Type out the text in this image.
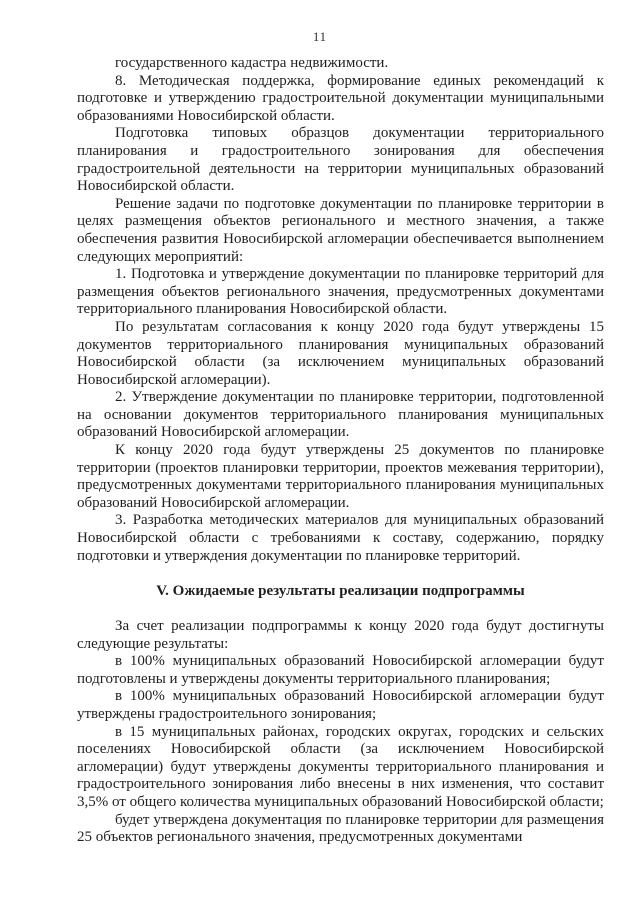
11

государственного кадастра недвижимости.

8. Методическая поддержка, формирование единых рекомендаций к подготовке и утверждению градостроительной документации муниципальными образованиями Новосибирской области.

Подготовка типовых образцов документации территориального планирования и градостроительного зонирования для обеспечения градостроительной деятельности на территории муниципальных образований Новосибирской области.

Решение задачи по подготовке документации по планировке территории в целях размещения объектов регионального и местного значения, а также обеспечения развития Новосибирской агломерации обеспечивается выполнением следующих мероприятий:

1. Подготовка и утверждение документации по планировке территорий для размещения объектов регионального значения, предусмотренных документами территориального планирования Новосибирской области.

По результатам согласования к концу 2020 года будут утверждены 15 документов территориального планирования муниципальных образований Новосибирской области (за исключением муниципальных образований Новосибирской агломерации).

2. Утверждение документации по планировке территории, подготовленной на основании документов территориального планирования муниципальных образований Новосибирской агломерации.

К концу 2020 года будут утверждены 25 документов по планировке территории (проектов планировки территории, проектов межевания территории), предусмотренных документами территориального планирования муниципальных образований Новосибирской агломерации.

3. Разработка методических материалов для муниципальных образований Новосибирской области с требованиями к составу, содержанию, порядку подготовки и утверждения документации по планировке территорий.

V. Ожидаемые результаты реализации подпрограммы

За счет реализации подпрограммы к концу 2020 года будут достигнуты следующие результаты:

в 100% муниципальных образований Новосибирской агломерации будут подготовлены и утверждены документы территориального планирования;

в 100% муниципальных образований Новосибирской агломерации будут утверждены градостроительного зонирования;

в 15 муниципальных районах, городских округах, городских и сельских поселениях Новосибирской области (за исключением Новосибирской агломерации) будут утверждены документы территориального планирования и градостроительного зонирования либо внесены в них изменения, что составит 3,5% от общего количества муниципальных образований Новосибирской области;

будет утверждена документация по планировке территории для размещения 25 объектов регионального значения, предусмотренных документами
